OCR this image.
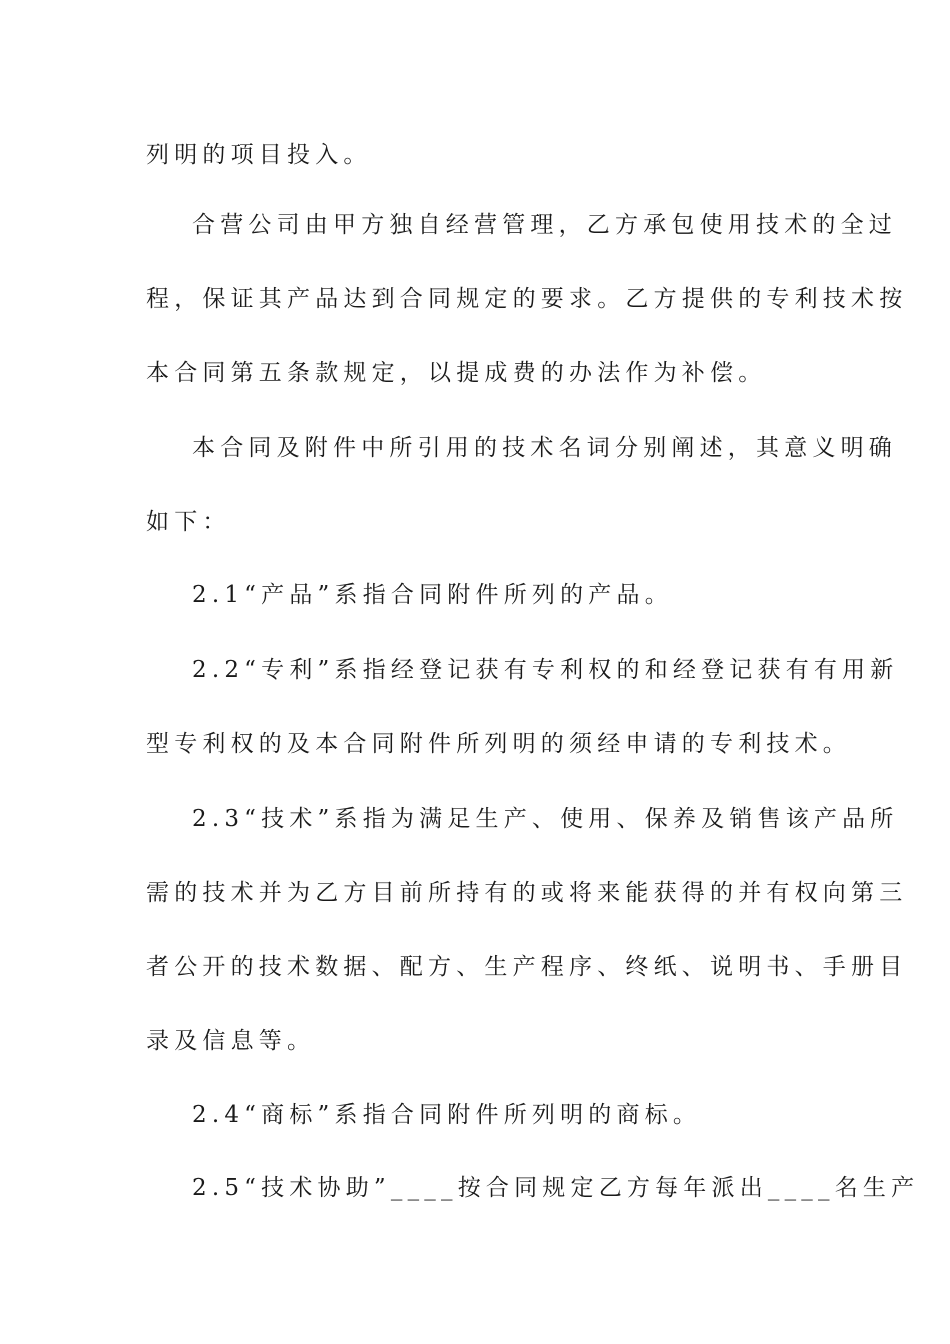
列明的项目投入。
合营公司由甲方独自经营管理，乙方承包使用技术的全过
程，保证其产品达到合同规定的要求。乙方提供的专利技术按
本合同第五条款规定，以提成费的办法作为补偿。
本合同及附件中所引用的技术名词分别阐述，其意义明确
如下：
2.1“产品”系指合同附件所列的产品。
2.2“专利”系指经登记获有专利权的和经登记获有有用新
型专利权的及本合同附件所列明的须经申请的专利技术。
2.3“技术”系指为满足生产、使用、保养及销售该产品所
需的技术并为乙方目前所持有的或将来能获得的并有权向第三
者公开的技术数据、配方、生产程序、终纸、说明书、手册目
录及信息等。
2.4“商标”系指合同附件所列明的商标。
2.5“技术协助”____按合同规定乙方每年派出____名生产
